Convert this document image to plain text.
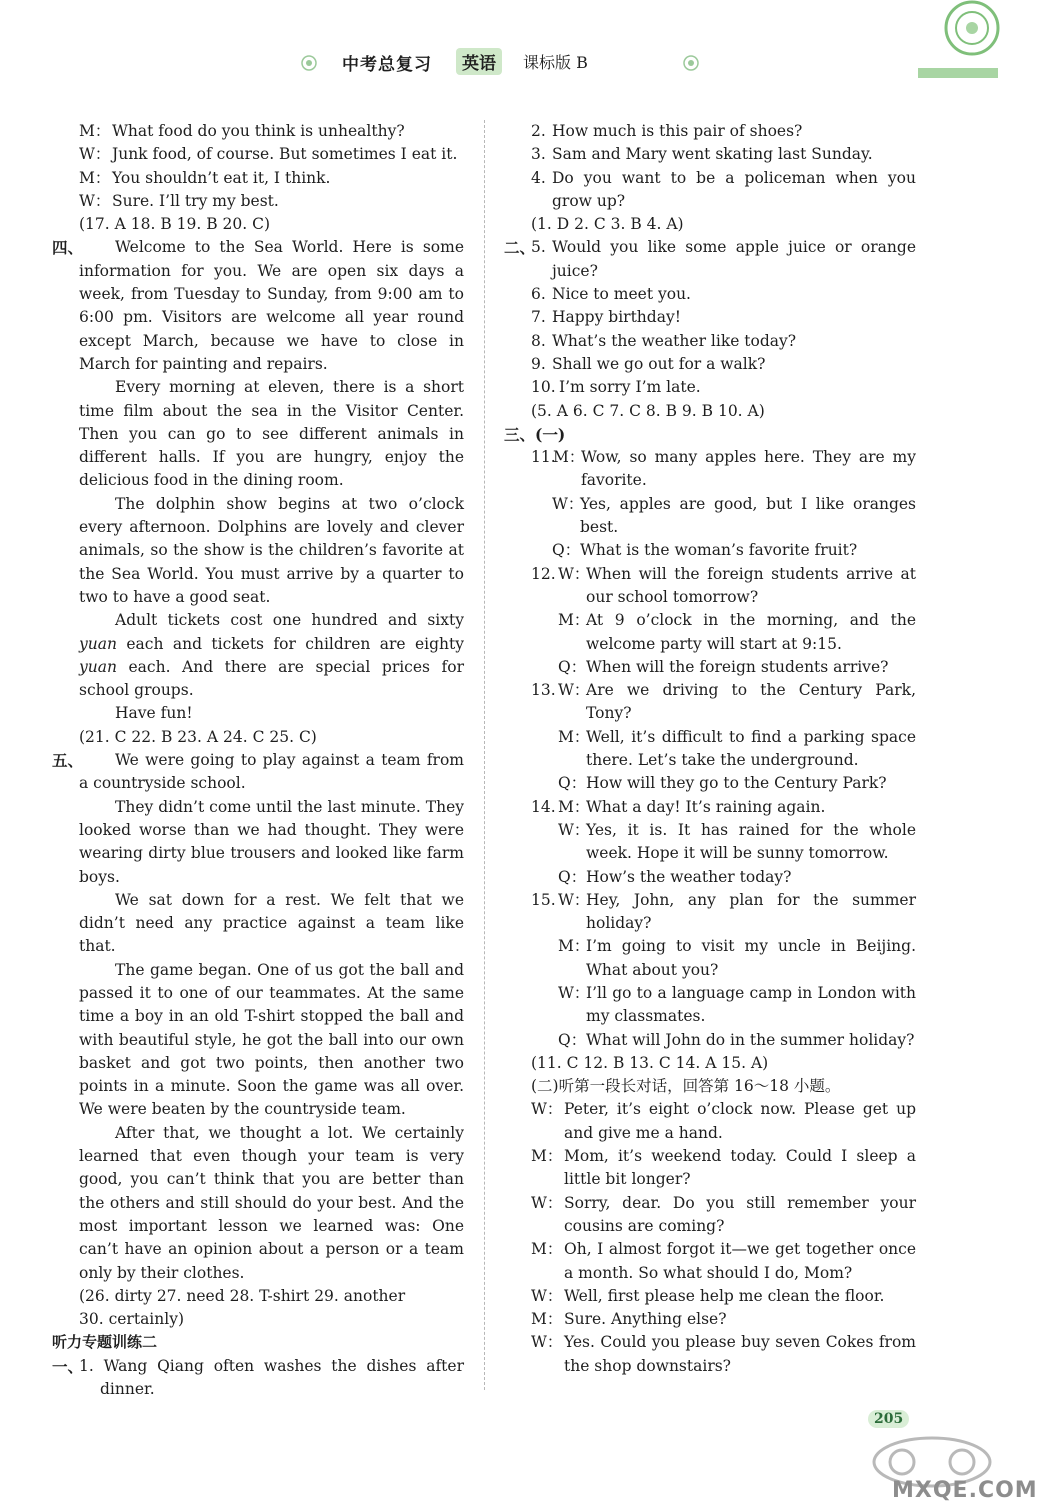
中考总复习	英语	课标版 B
M： What food do you think is unhealthy?
W： Junk food, of course. But sometimes I eat it.
M： You shouldn’t eat it, I think.
W： Sure. I’ll try my best.

(17. A 18. B 19. B 20. C)

四、	Welcome to the Sea World. Here is some information for you. We are open six days a week, from Tuesday to Sunday, from 9:00 am to 6:00 pm. Visitors are welcome all year round except March, because we have to close in March for painting and repairs.

Every morning at eleven, there is a short time film about the sea in the Visitor Center. Then you can go to see different animals in different halls. If you are hungry, enjoy the delicious food in the dining room.

The dolphin show begins at two o’clock every afternoon. Dolphins are lovely and clever animals, so the show is the children’s favorite at the Sea World. You must arrive by a quarter to two to have a good seat.

Adult tickets cost one hundred and sixty yuan each and tickets for children are eighty yuan each. And there are special prices for school groups.

Have fun!

(21. C 22. B 23. A 24. C 25. C)

五、	We were going to play against a team from a countryside school.

They didn’t come until the last minute. They looked worse than we had thought. They were wearing dirty blue trousers and looked like farm boys.

We sat down for a rest. We felt that we didn’t need any practice against a team like that.

The game began. One of us got the ball and passed it to one of our teammates. At the same time a boy in an old T-shirt stopped the ball and with beautiful style, he got the ball into our own basket and got two points, then another two points in a minute. Soon the game was all over. We were beaten by the countryside team.

After that, we thought a lot. We certainly learned that even though your team is very good, you can’t think that you are better than the others and still should do your best. And the most important lesson we learned was: One can’t have an opinion about a person or a team only by their clothes.

(26. dirty 27. need 28. T-shirt 29. another

30. certainly)

听力专题训练二

一、

1. Wang Qiang often washes the dishes after dinner.

2. How much is this pair of shoes?
3. Sam and Mary went skating last Sunday.
4. Do you want to be a policeman when you grow up?

(1. D 2. C 3. B 4. A)

二、
5. Would you like some apple juice or orange juice?
6. Nice to meet you.
7. Happy birthday!
8. What’s the weather like today?
9. Shall we go out for a walk?
10. I’m sorry I’m late.

(5. A 6. C 7. C 8. B 9. B 10. A)

三、(一)

11.
M：
Wow, so many apples here. They are my favorite.
W：
Yes, apples are good, but I like oranges best.
Q： What is the woman’s favorite fruit?
12. W：
When will the foreign students arrive at our school tomorrow?
M：
At 9 o’clock in the morning, and the welcome party will start at 9:15.
Q： When will the foreign students arrive?
13. W：
Are we driving to the Century Park, Tony?
M：
Well, it’s difficult to find a parking space there. Let’s take the underground.
Q： How will they go to the Century Park?
14. M：
What a day! It’s raining again.
W：
Yes, it is. It has rained for the whole week. Hope it will be sunny tomorrow.
Q： How’s the weather today?
15. W：
Hey, John, any plan for the summer holiday?
M：
I’m going to visit my uncle in Beijing. What about you?
W：
I’ll go to a language camp in London with my classmates.
Q： What will John do in the summer holiday?

(11. C 12. B 13. C 14. A 15. A)

(二)听第一段长对话，回答第 16～18 小题。

W： Peter, it’s eight o’clock now. Please get up and give me a hand.
M： Mom, it’s weekend today. Could I sleep a little bit longer?
W： Sorry, dear. Do you still remember your cousins are coming?
M： Oh, I almost forgot it—we get together once a month. So what should I do, Mom?
W： Well, first please help me clean the floor.
M： Sure. Anything else?
W： Yes. Could you please buy seven Cokes from the shop downstairs?
205
MXQE.COM
